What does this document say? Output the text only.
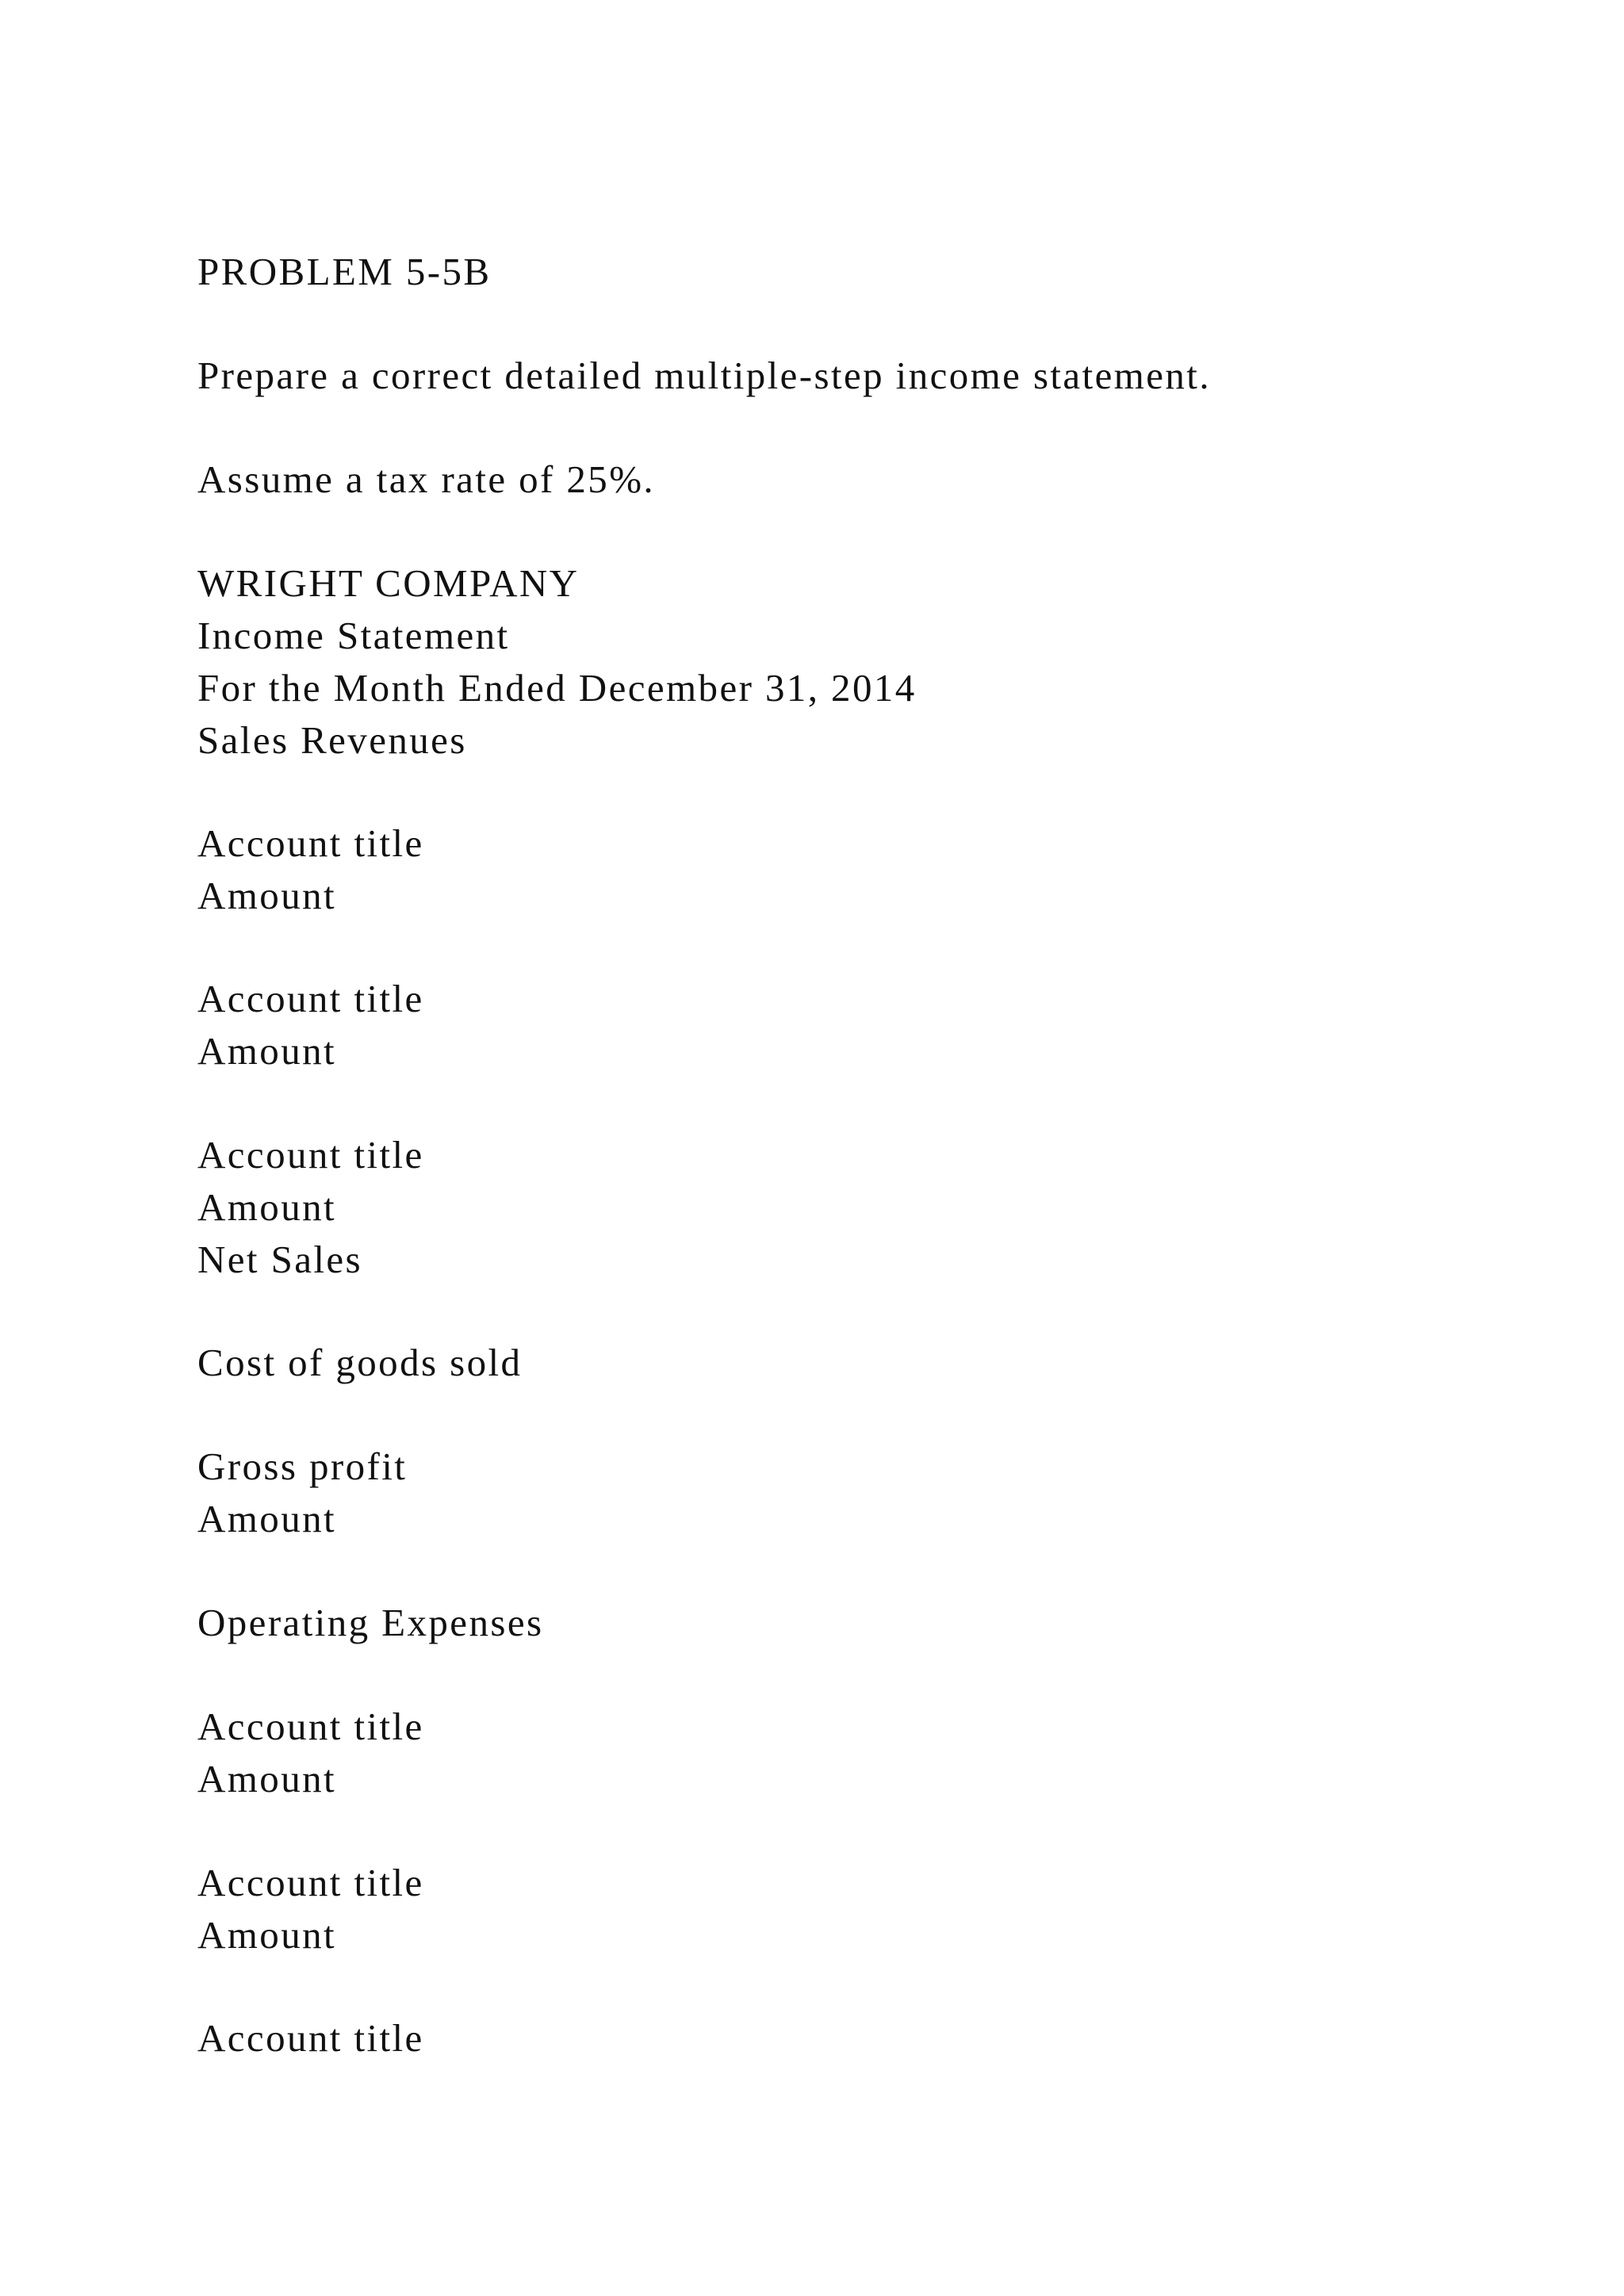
PROBLEM 5-5B
Prepare a correct detailed multiple-step income statement.
Assume a tax rate of 25%.
WRIGHT COMPANY
Income Statement
For the Month Ended December 31, 2014
Sales Revenues
Account title
Amount
Account title
Amount
Account title
Amount
Net Sales
Cost of goods sold
Gross profit
Amount
Operating Expenses
Account title
Amount
Account title
Amount
Account title
